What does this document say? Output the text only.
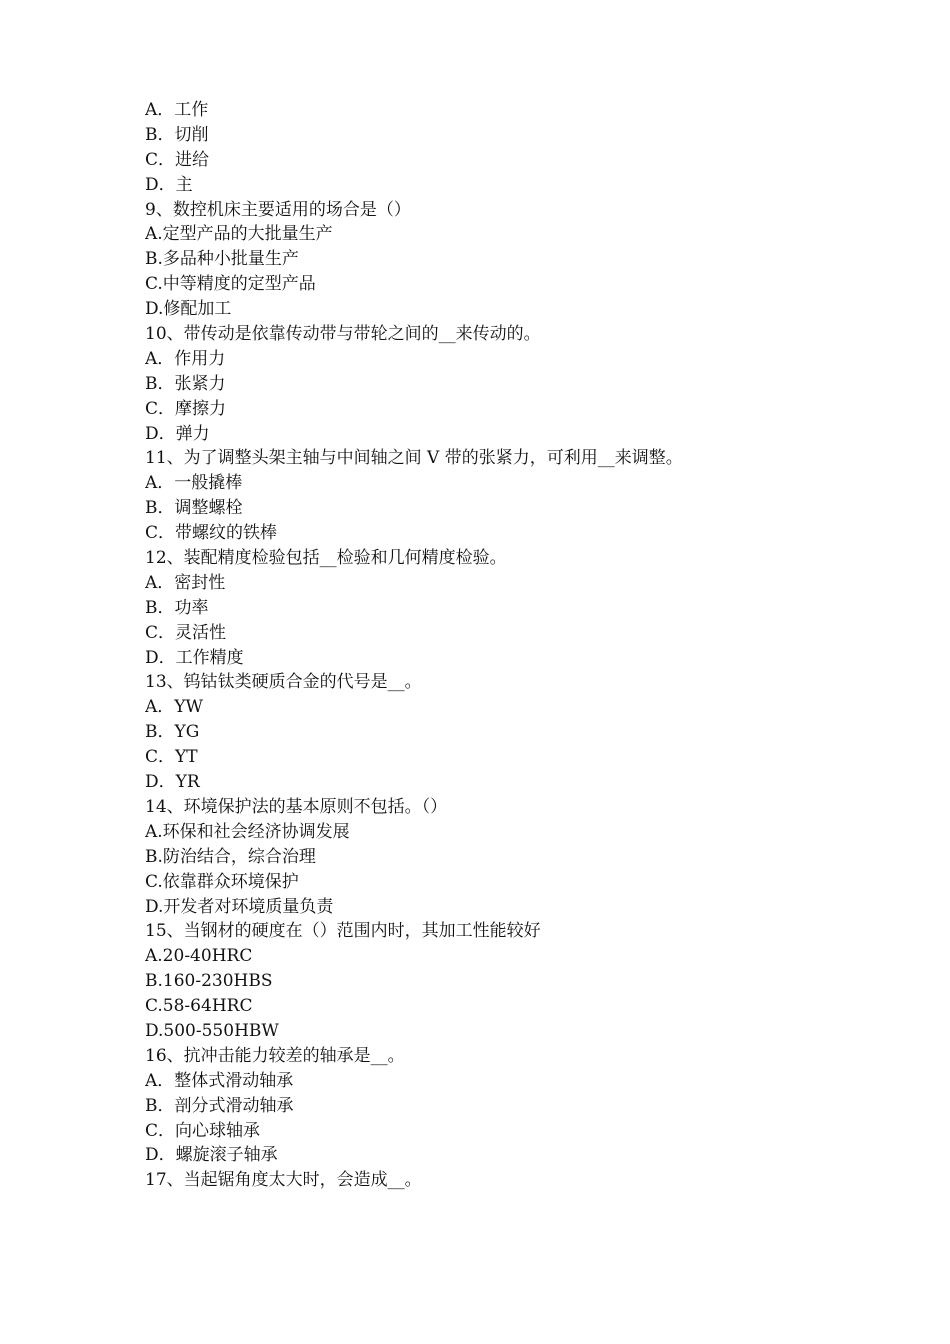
A．工作
B．切削
C．进给
D．主
9、数控机床主要适用的场合是（）
A.定型产品的大批量生产
B.多品种小批量生产
C.中等精度的定型产品
D.修配加工
10、带传动是依靠传动带与带轮之间的__来传动的。
A．作用力
B．张紧力
C．摩擦力
D．弹力
11、为了调整头架主轴与中间轴之间 V 带的张紧力，可利用__来调整。
A．一般撬棒
B．调整螺栓
C．带螺纹的铁棒
12、装配精度检验包括__检验和几何精度检验。
A．密封性
B．功率
C．灵活性
D．工作精度
13、钨钴钛类硬质合金的代号是__。
A．YW
B．YG
C．YT
D．YR
14、环境保护法的基本原则不包括。（）
A.环保和社会经济协调发展
B.防治结合，综合治理
C.依靠群众环境保护
D.开发者对环境质量负责
15、当钢材的硬度在（）范围内时，其加工性能较好
A.20-40HRC
B.160-230HBS
C.58-64HRC
D.500-550HBW
16、抗冲击能力较差的轴承是__。
A．整体式滑动轴承
B．剖分式滑动轴承
C．向心球轴承
D．螺旋滚子轴承
17、当起锯角度太大时，会造成__。
